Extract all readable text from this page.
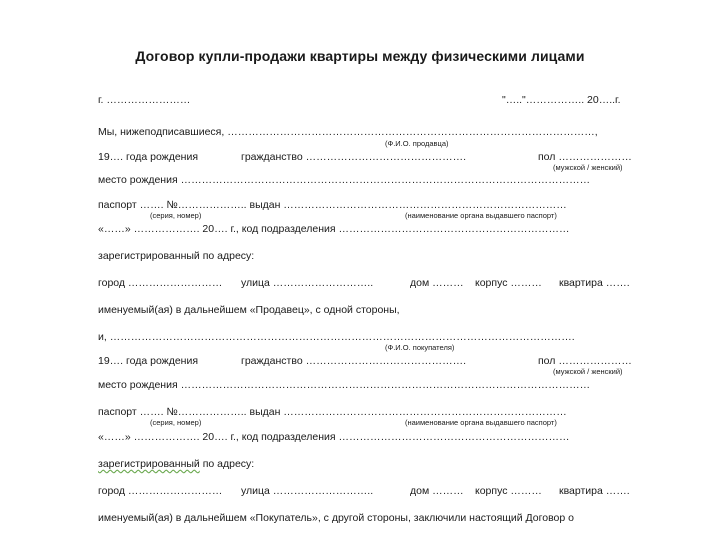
Договор купли-продажи квартиры между физическими лицами
г. ……………………	"….."…………….. 20…..г.
Мы, нижеподписавшиеся, ……………………………………………………………………………………………,
(Ф.И.О. продавца)
19…. года рождения	гражданство ……………………………………….	пол …………………
(мужской / женский)
место рождения ………………………………………………………………………………………………………
паспорт ……. №……………….. выдан ………………………………………………………………………
(серия, номер)	(наименование органа выдавшего паспорт)
«……» ………………. 20…. г., код подразделения …………………………………………………………
зарегистрированный по адресу:
город ……………………… улица ………………………..	дом ……… корпус ……… квартира …….
именуемый(ая) в дальнейшем «Продавец», с одной стороны,
и, …………………………………………………………………………………………………………………….
(Ф.И.О. покупателя)
19…. года рождения	гражданство ……………………………………….	пол …………………
(мужской / женский)
место рождения ………………………………………………………………………………………………………
паспорт ……. №……………….. выдан ………………………………………………………………………
(серия, номер)	(наименование органа выдавшего паспорт)
«……» ………………. 20…. г., код подразделения …………………………………………………………
зарегистрированный по адресу:
город ……………………… улица ………………………..	дом ……… корпус ……… квартира …….
именуемый(ая) в дальнейшем «Покупатель», с другой стороны, заключили настоящий Договор о
